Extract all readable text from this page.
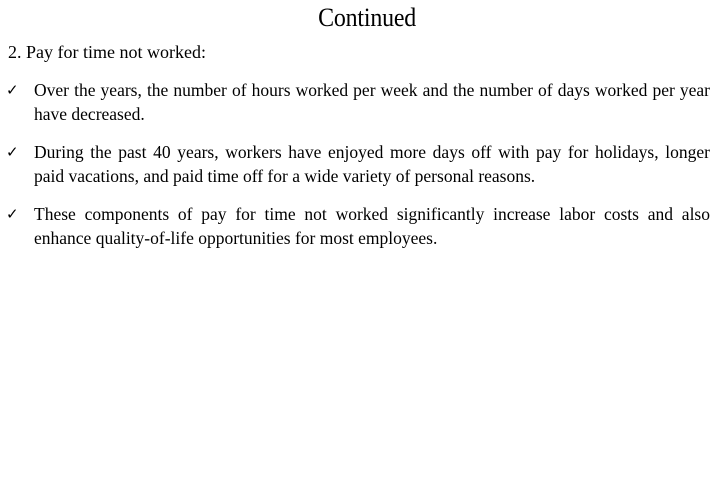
Continued
2. Pay for time not worked:
✓ Over the years, the number of hours worked per week and the number of days worked per year have decreased.
✓ During the past 40 years, workers have enjoyed more days off with pay for holidays, longer paid vacations, and paid time off for a wide variety of personal reasons.
✓ These components of pay for time not worked significantly increase labor costs and also enhance quality-of-life opportunities for most employees.
